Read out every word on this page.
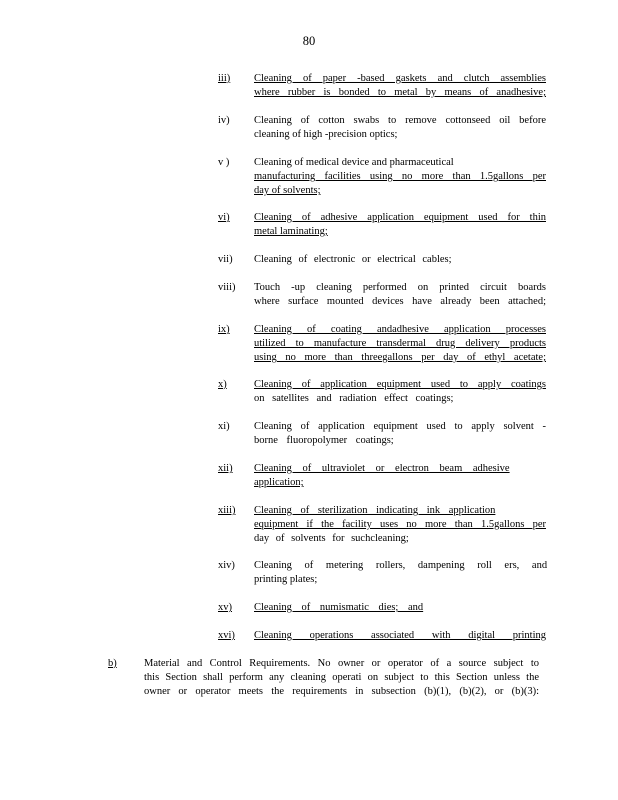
80
iii)	Cleaning of paper -based gaskets and clutch assemblies
where rubber is bonded to metal by means of anadhesive;
iv)	Cleaning of cotton swabs to remove cottonseed oil before
cleaning of high -precision optics;
v )	Cleaning of medical device and pharmaceutical
manufacturing facilities using no more than 1.5gallons per
day of solvents;
vi)	Cleaning of adhesive application equipment used for thin
metal laminating;
vii)	Cleaning of electronic or electrical cables;
viii)	Touch -up cleaning performed on printed circuit boards
where surface mounted devices have already been attached;
ix)	Cleaning of coating andadhesive application processes
utilized to manufacture transdermal drug delivery products
using no more than threegallons per day of ethyl acetate;
x)	Cleaning of application equipment used to apply coatings
on satellites and radiation effect coatings;
xi)	Cleaning of application equipment used to apply solvent -
borne fluoropolymer coatings;
xii)	Cleaning of ultraviolet or electron beam adhesive
application;
xiii)	Cleaning of sterilization indicating ink application
equipment if the facility uses no more than 1.5gallons per
day of solvents for suchcleaning;
xiv)	Cleaning of metering rollers, dampening roll ers, and
printing plates;
xv)	Cleaning of numismatic dies; and
xvi)	Cleaning operations associated with digital printing
b)	Material and Control Requirements. No owner or operator of a source subject to
this Section shall perform any cleaning operati on subject to this Section unless the
owner or operator meets the requirements in subsection (b)(1), (b)(2), or (b)(3):
